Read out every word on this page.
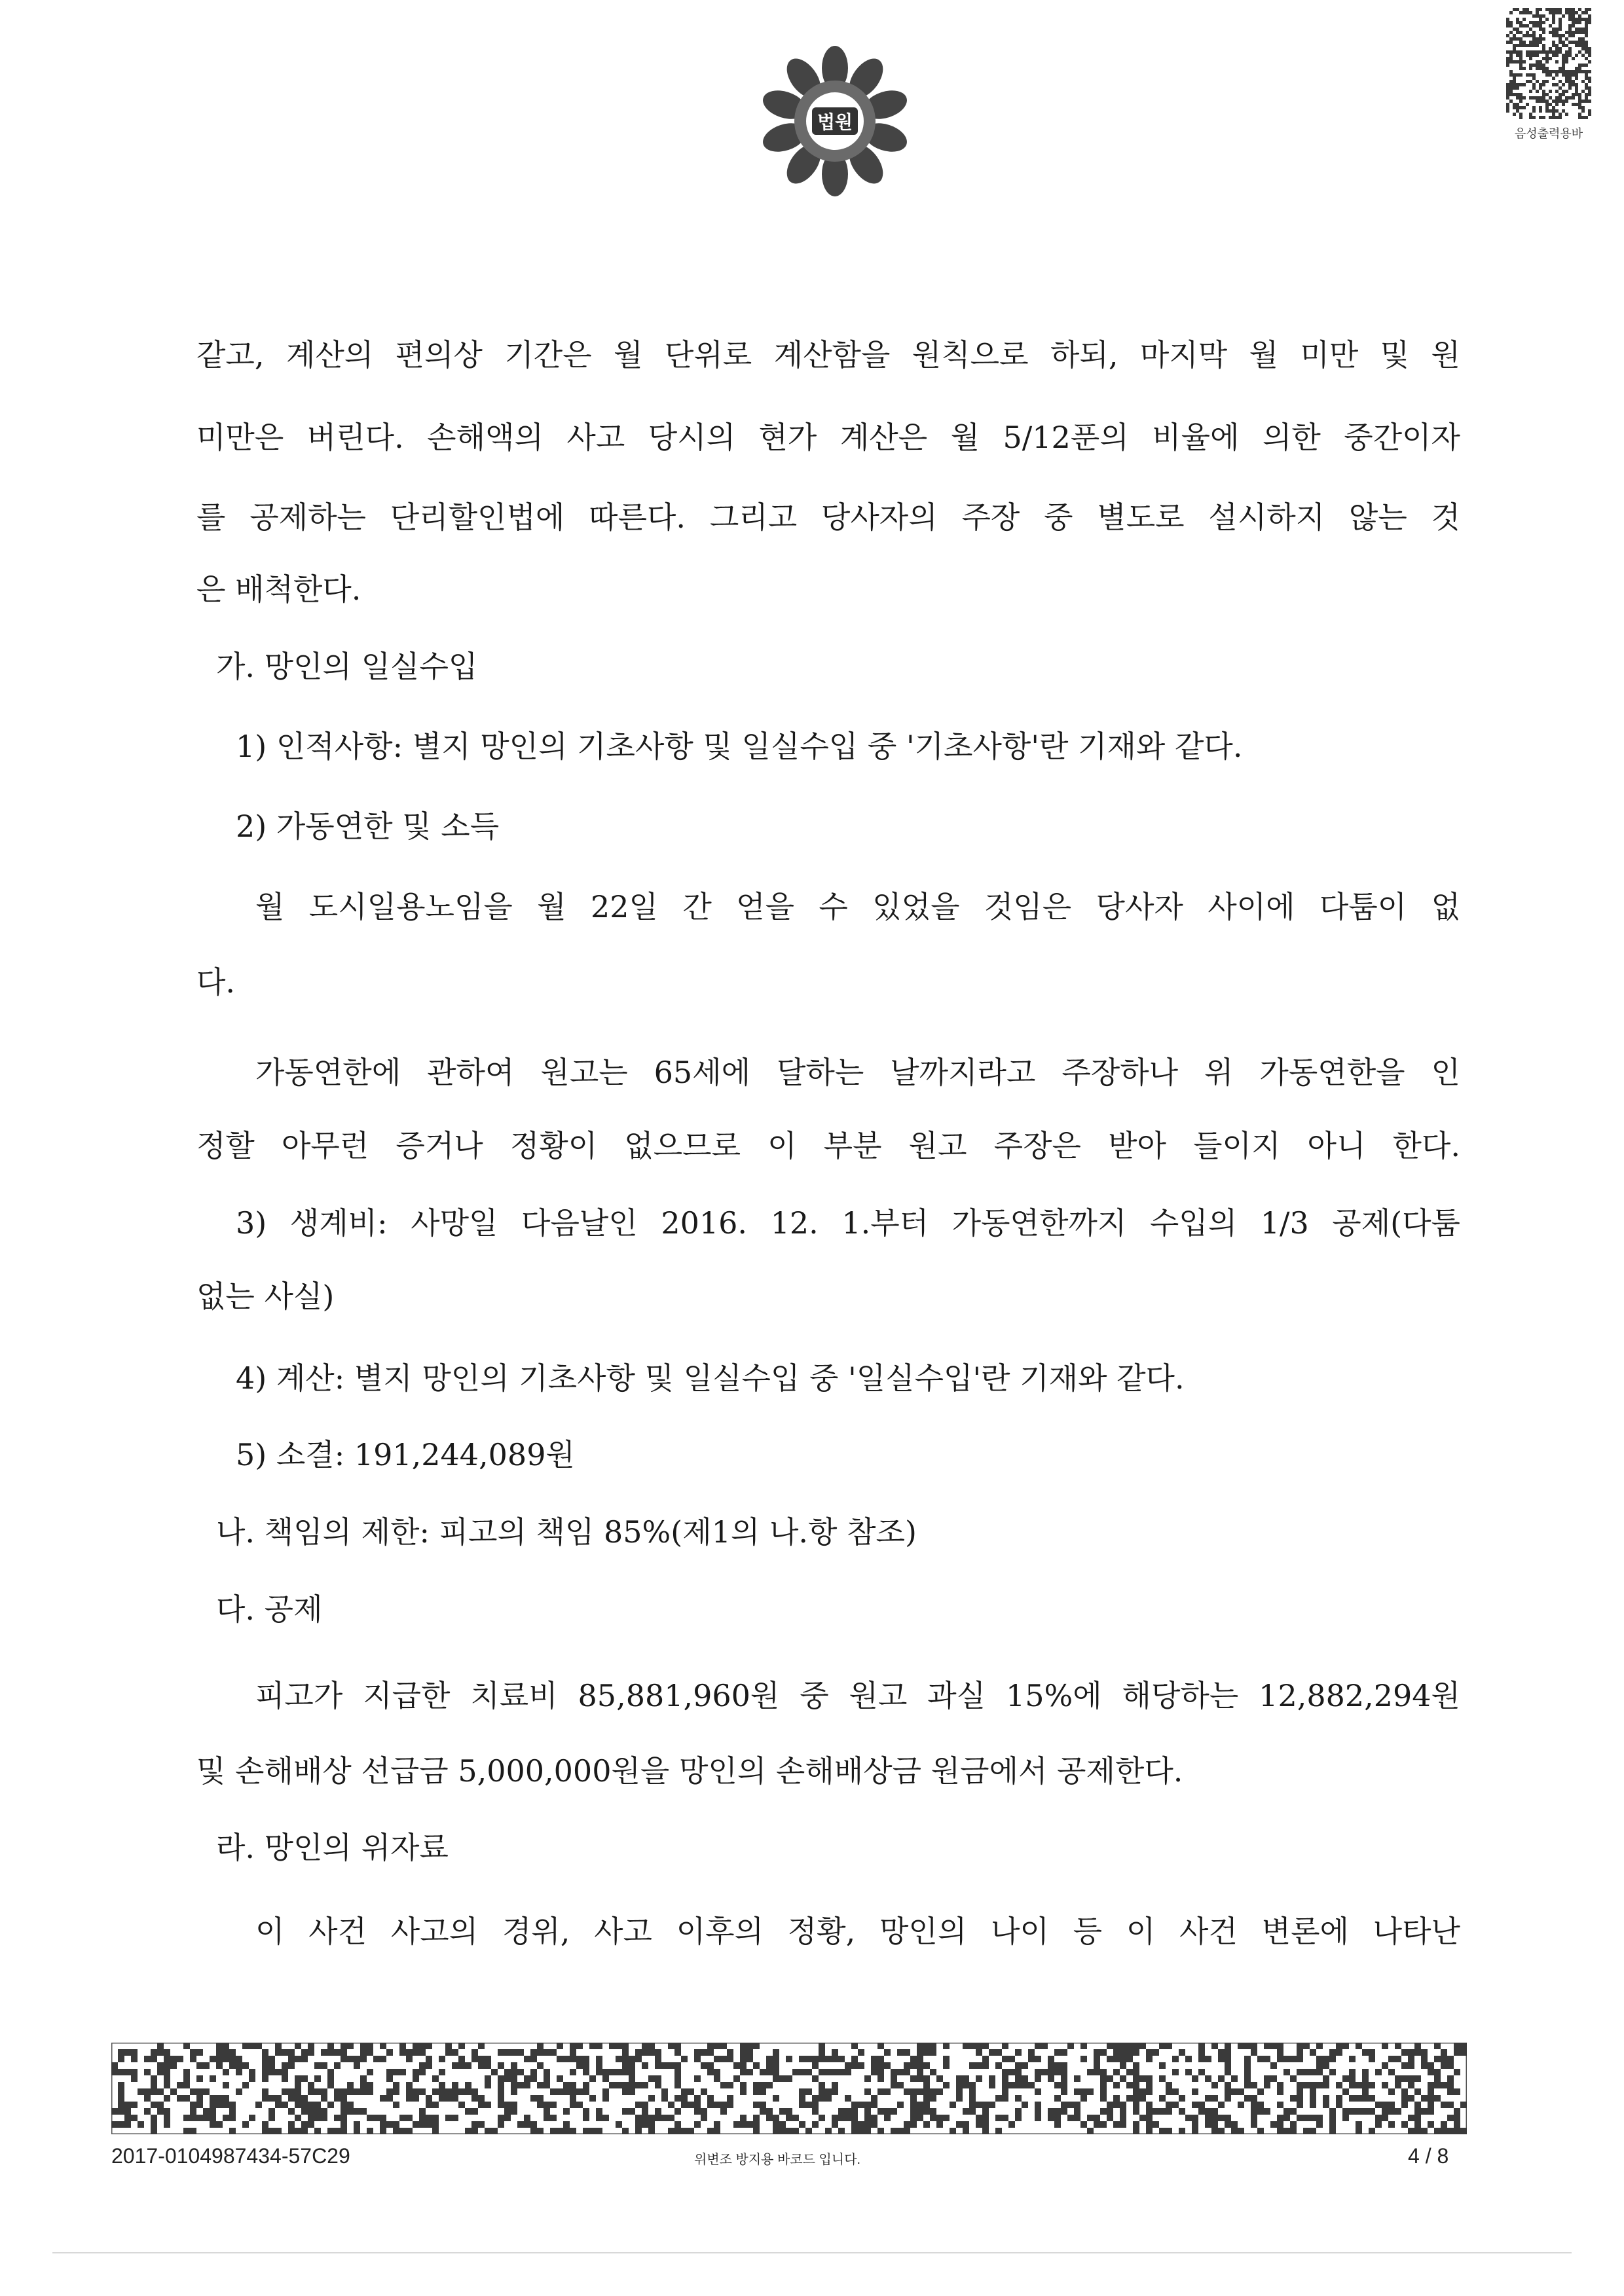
법원
음성출력용바

같고, 계산의 편의상 기간은 월 단위로 계산함을 원칙으로 하되, 마지막 월 미만 및 원

미만은 버린다. 손해액의 사고 당시의 현가 계산은 월 5/12푼의 비율에 의한 중간이자

를 공제하는 단리할인법에 따른다. 그리고 당사자의 주장 중 별도로 설시하지 않는 것

은 배척한다.

가. 망인의 일실수입

1) 인적사항: 별지 망인의 기초사항 및 일실수입 중 '기초사항'란 기재와 같다.

2) 가동연한 및 소득

월 도시일용노임을 월 22일 간 얻을 수 있었을 것임은 당사자 사이에 다툼이 없

다.

가동연한에 관하여 원고는 65세에 달하는 날까지라고 주장하나 위 가동연한을 인

정할 아무런 증거나 정황이 없으므로 이 부분 원고 주장은 받아 들이지 아니 한다.

3) 생계비: 사망일 다음날인 2016. 12. 1.부터 가동연한까지 수입의 1/3 공제(다툼

없는 사실)

4) 계산: 별지 망인의 기초사항 및 일실수입 중 '일실수입'란 기재와 같다.

5) 소결: 191,244,089원

나. 책임의 제한: 피고의 책임 85%(제1의 나.항 참조)

다. 공제

피고가 지급한 치료비 85,881,960원 중 원고 과실 15%에 해당하는 12,882,294원

및 손해배상 선급금 5,000,000원을 망인의 손해배상금 원금에서 공제한다.

라. 망인의 위자료

이 사건 사고의 경위, 사고 이후의 정황, 망인의 나이 등 이 사건 변론에 나타난

2017-0104987434-57C29	위변조 방지용 바코드 입니다.	4 / 8
